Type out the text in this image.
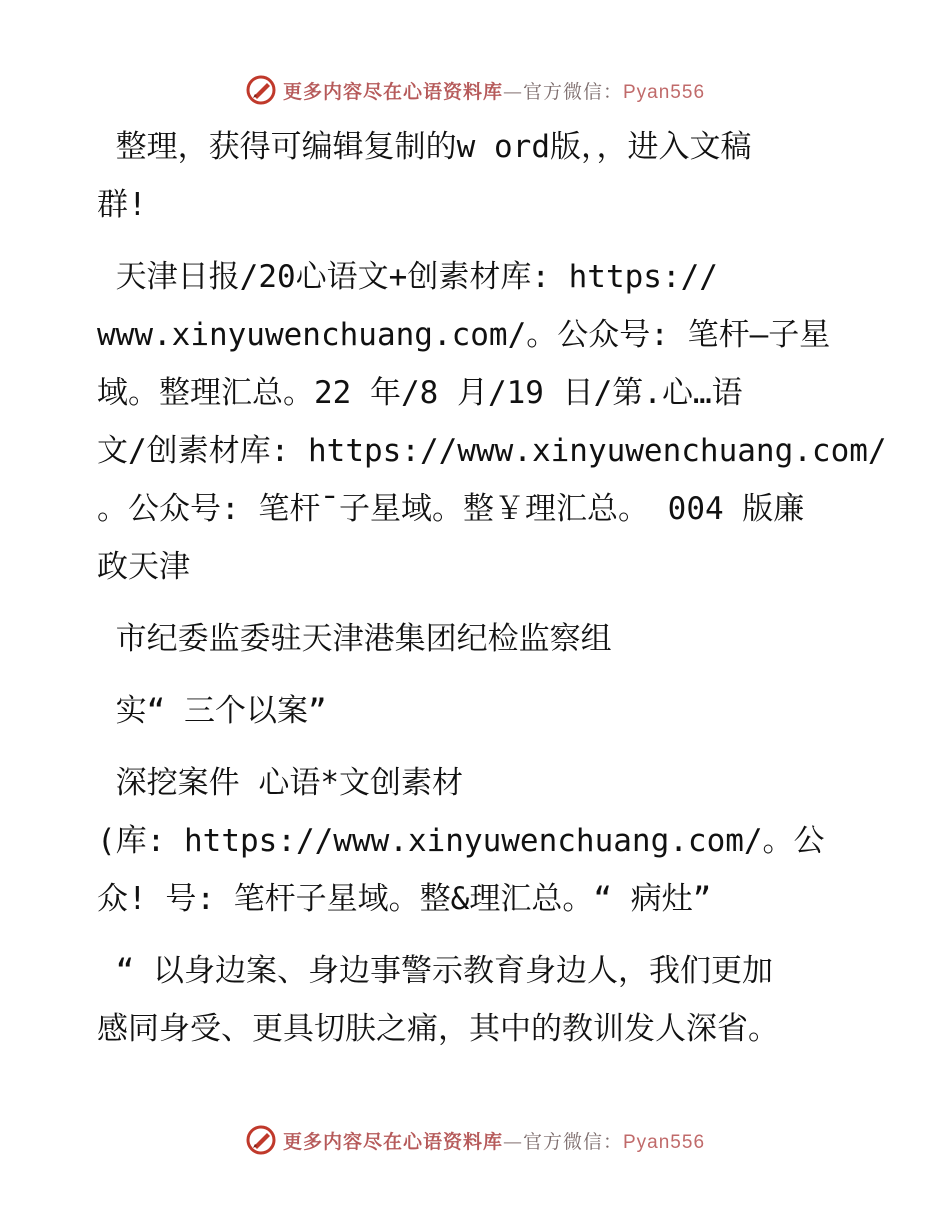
更多内容尽在心语资料库—官方微信：Pyan556

整理，获得可编辑复制的w ord版，，进入文稿
群!

天津日报/20心语文+创素材库: https://
www.xinyuwenchuang.com/。公众号: 笔杆—子星
域。整理汇总。22 年/8 月/19 日/第.心…语
文/创素材库: https://www.xinyuwenchuang.com/
。公众号: 笔杆¯子星域。整￥理汇总。 004 版廉
政天津

市纪委监委驻天津港集团纪检监察组

实“ 三个以案”

深挖案件 心语*文创素材
(库: https://www.xinyuwenchuang.com/。公
众! 号: 笔杆子星域。整&理汇总。“ 病灶”

“ 以身边案、身边事警示教育身边人，我们更加
感同身受、更具切肤之痛，其中的教训发人深省。

更多内容尽在心语资料库—官方微信：Pyan556
